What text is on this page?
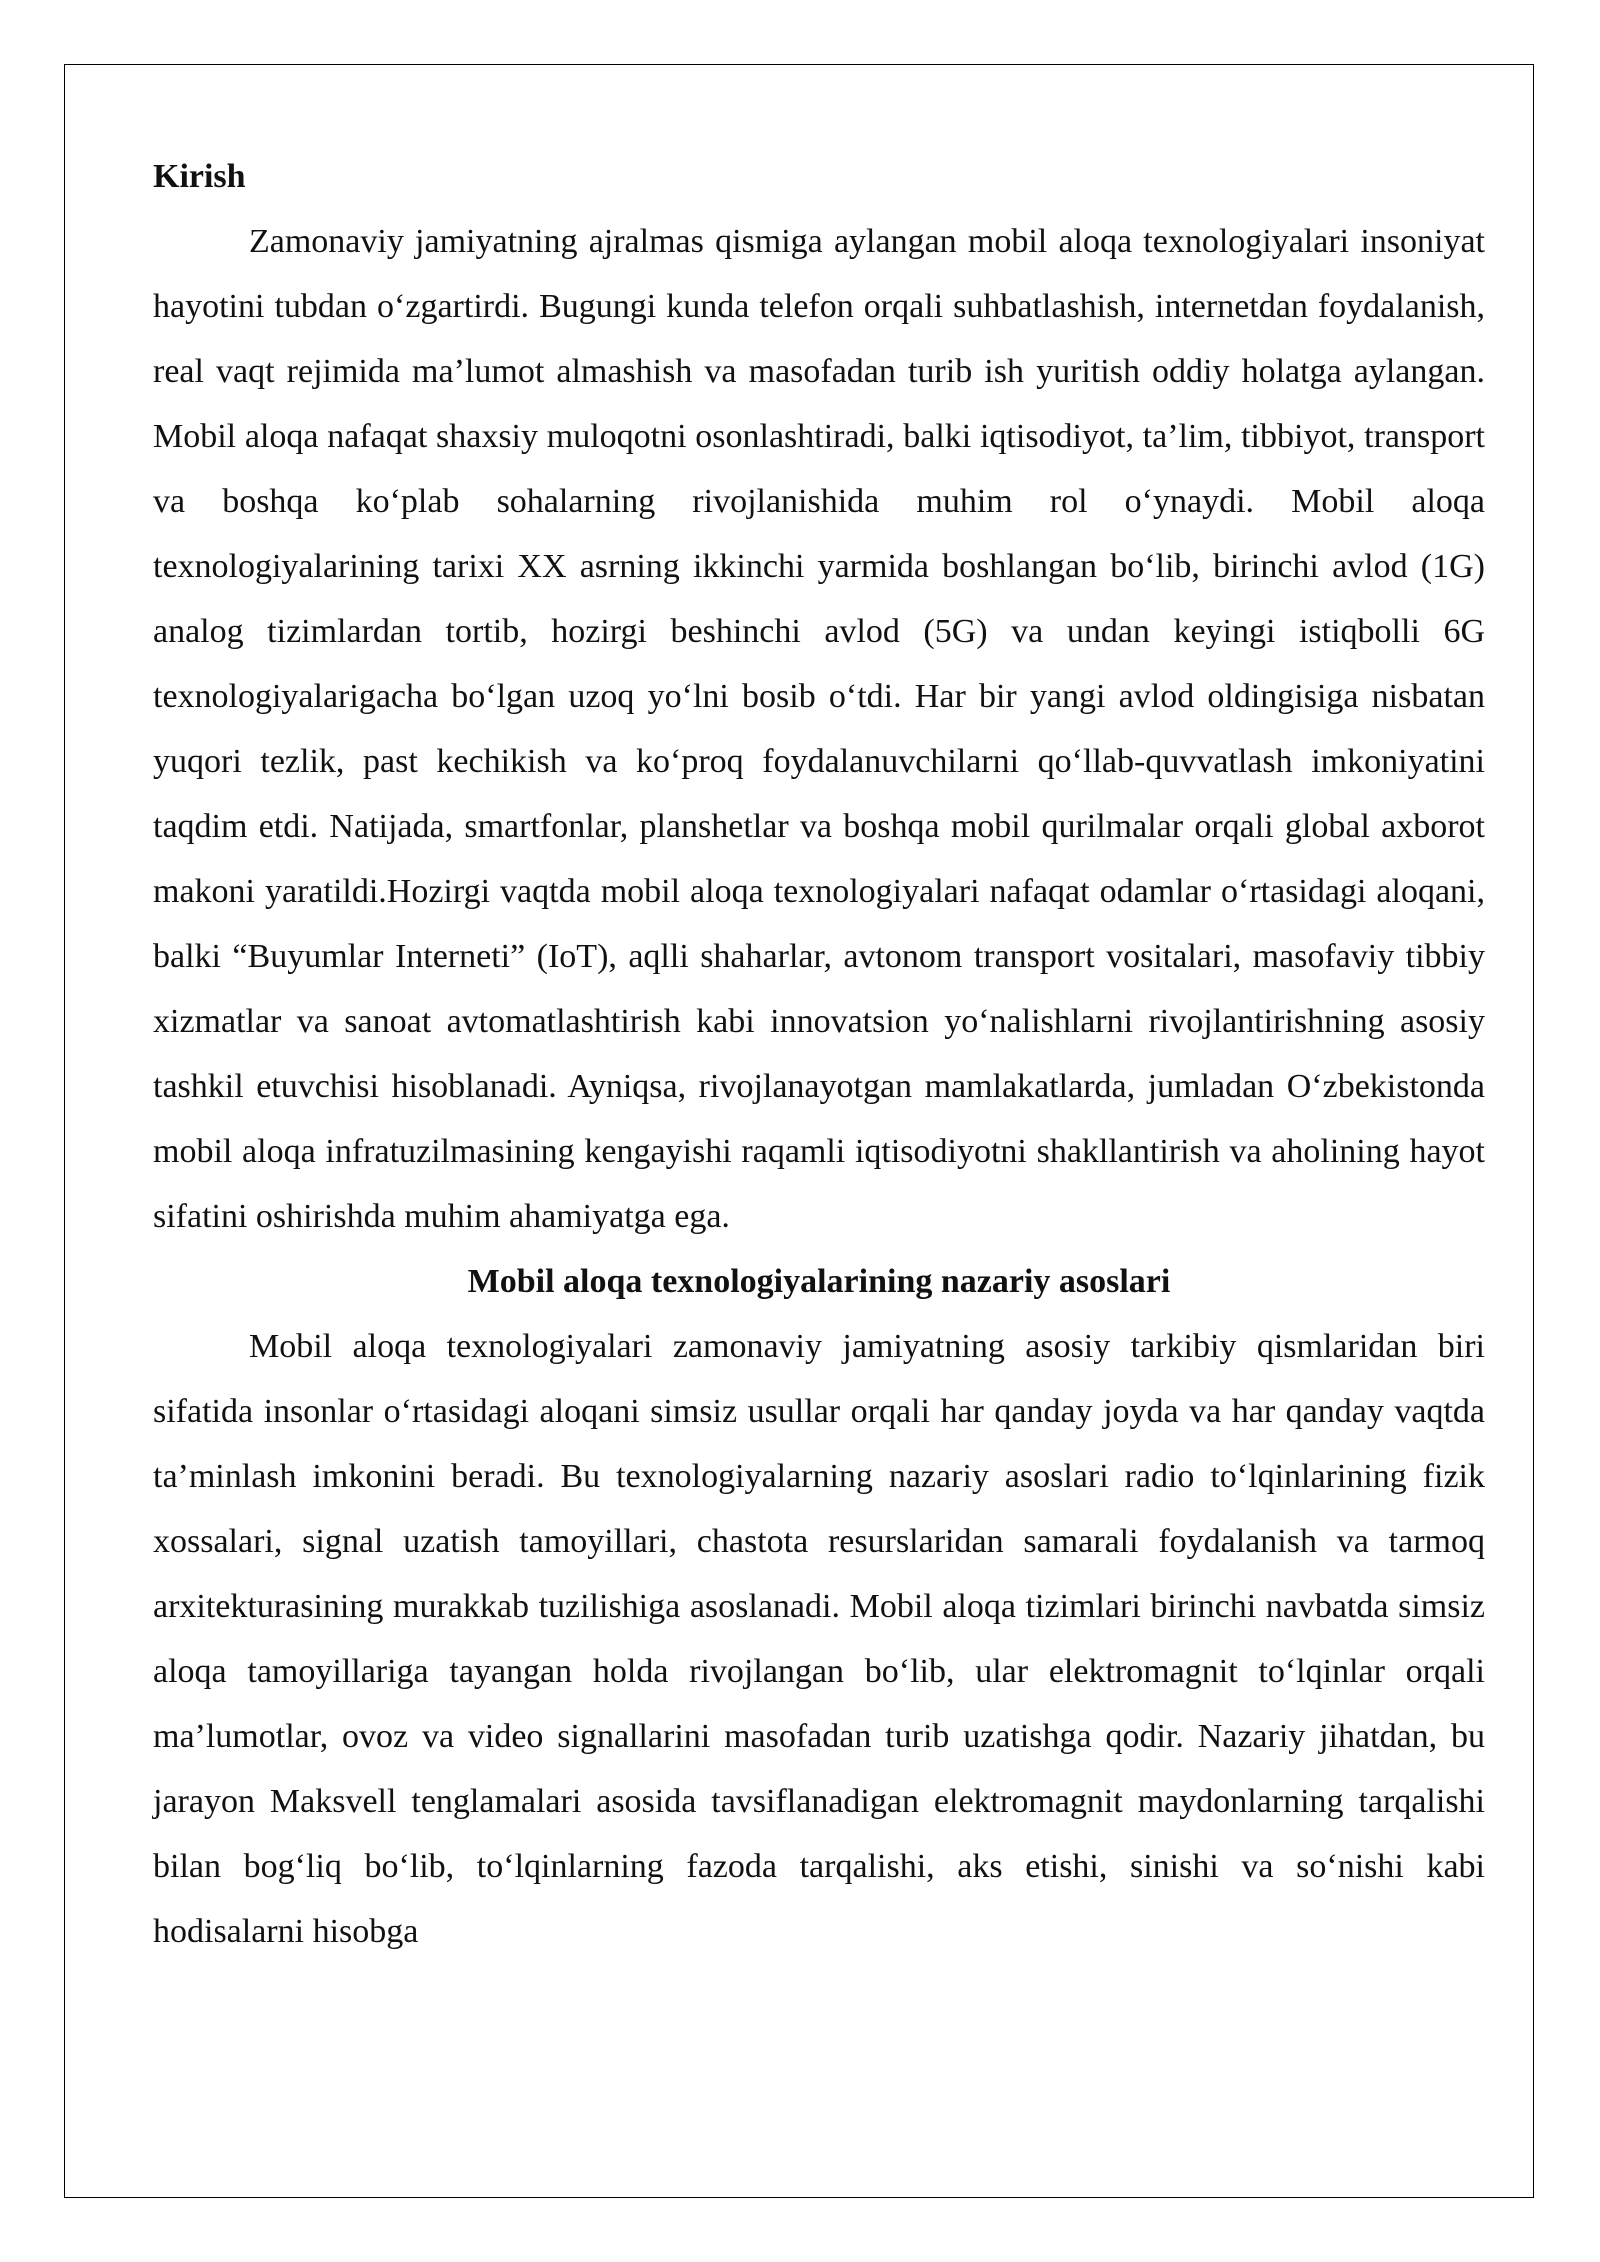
Kirish

Zamonaviy jamiyatning ajralmas qismiga aylangan mobil aloqa texnologiyalari insoniyat hayotini tubdan o‘zgartirdi. Bugungi kunda telefon orqali suhbatlashish, internetdan foydalanish, real vaqt rejimida ma’lumot almashish va masofadan turib ish yuritish oddiy holatga aylangan. Mobil aloqa nafaqat shaxsiy muloqotni osonlashtiradi, balki iqtisodiyot, ta’lim, tibbiyot, transport va boshqa ko‘plab sohalarning rivojlanishida muhim rol o‘ynaydi. Mobil aloqa texnologiyalarining tarixi XX asrning ikkinchi yarmida boshlangan bo‘lib, birinchi avlod (1G) analog tizimlardan tortib, hozirgi beshinchi avlod (5G) va undan keyingi istiqbolli 6G texnologiyalarigacha bo‘lgan uzoq yo‘lni bosib o‘tdi. Har bir yangi avlod oldingisiga nisbatan yuqori tezlik, past kechikish va ko‘proq foydalanuvchilarni qo‘llab-quvvatlash imkoniyatini taqdim etdi. Natijada, smartfonlar, planshetlar va boshqa mobil qurilmalar orqali global axborot makoni yaratildi.Hozirgi vaqtda mobil aloqa texnologiyalari nafaqat odamlar o‘rtasidagi aloqani, balki “Buyumlar Interneti” (IoT), aqlli shaharlar, avtonom transport vositalari, masofaviy tibbiy xizmatlar va sanoat avtomatlashtirish kabi innovatsion yo‘nalishlarni rivojlantirishning asosiy tashkil etuvchisi hisoblanadi. Ayniqsa, rivojlanayotgan mamlakatlarda, jumladan O‘zbekistonda mobil aloqa infratuzilmasining kengayishi raqamli iqtisodiyotni shakllantirish va aholining hayot sifatini oshirishda muhim ahamiyatga ega.

Mobil aloqa texnologiyalarining nazariy asoslari

Mobil aloqa texnologiyalari zamonaviy jamiyatning asosiy tarkibiy qismlaridan biri sifatida insonlar o‘rtasidagi aloqani simsiz usullar orqali har qanday joyda va har qanday vaqtda ta’minlash imkonini beradi. Bu texnologiyalarning nazariy asoslari radio to‘lqinlarining fizik xossalari, signal uzatish tamoyillari, chastota resurslaridan samarali foydalanish va tarmoq arxitekturasining murakkab tuzilishiga asoslanadi. Mobil aloqa tizimlari birinchi navbatda simsiz aloqa tamoyillariga tayangan holda rivojlangan bo‘lib, ular elektromagnit to‘lqinlar orqali ma’lumotlar, ovoz va video signallarini masofadan turib uzatishga qodir. Nazariy jihatdan, bu jarayon Maksvell tenglamalari asosida tavsiflanadigan elektromagnit maydonlarning tarqalishi bilan bog‘liq bo‘lib, to‘lqinlarning fazoda tarqalishi, aks etishi, sinishi va so‘nishi kabi hodisalarni hisobga
